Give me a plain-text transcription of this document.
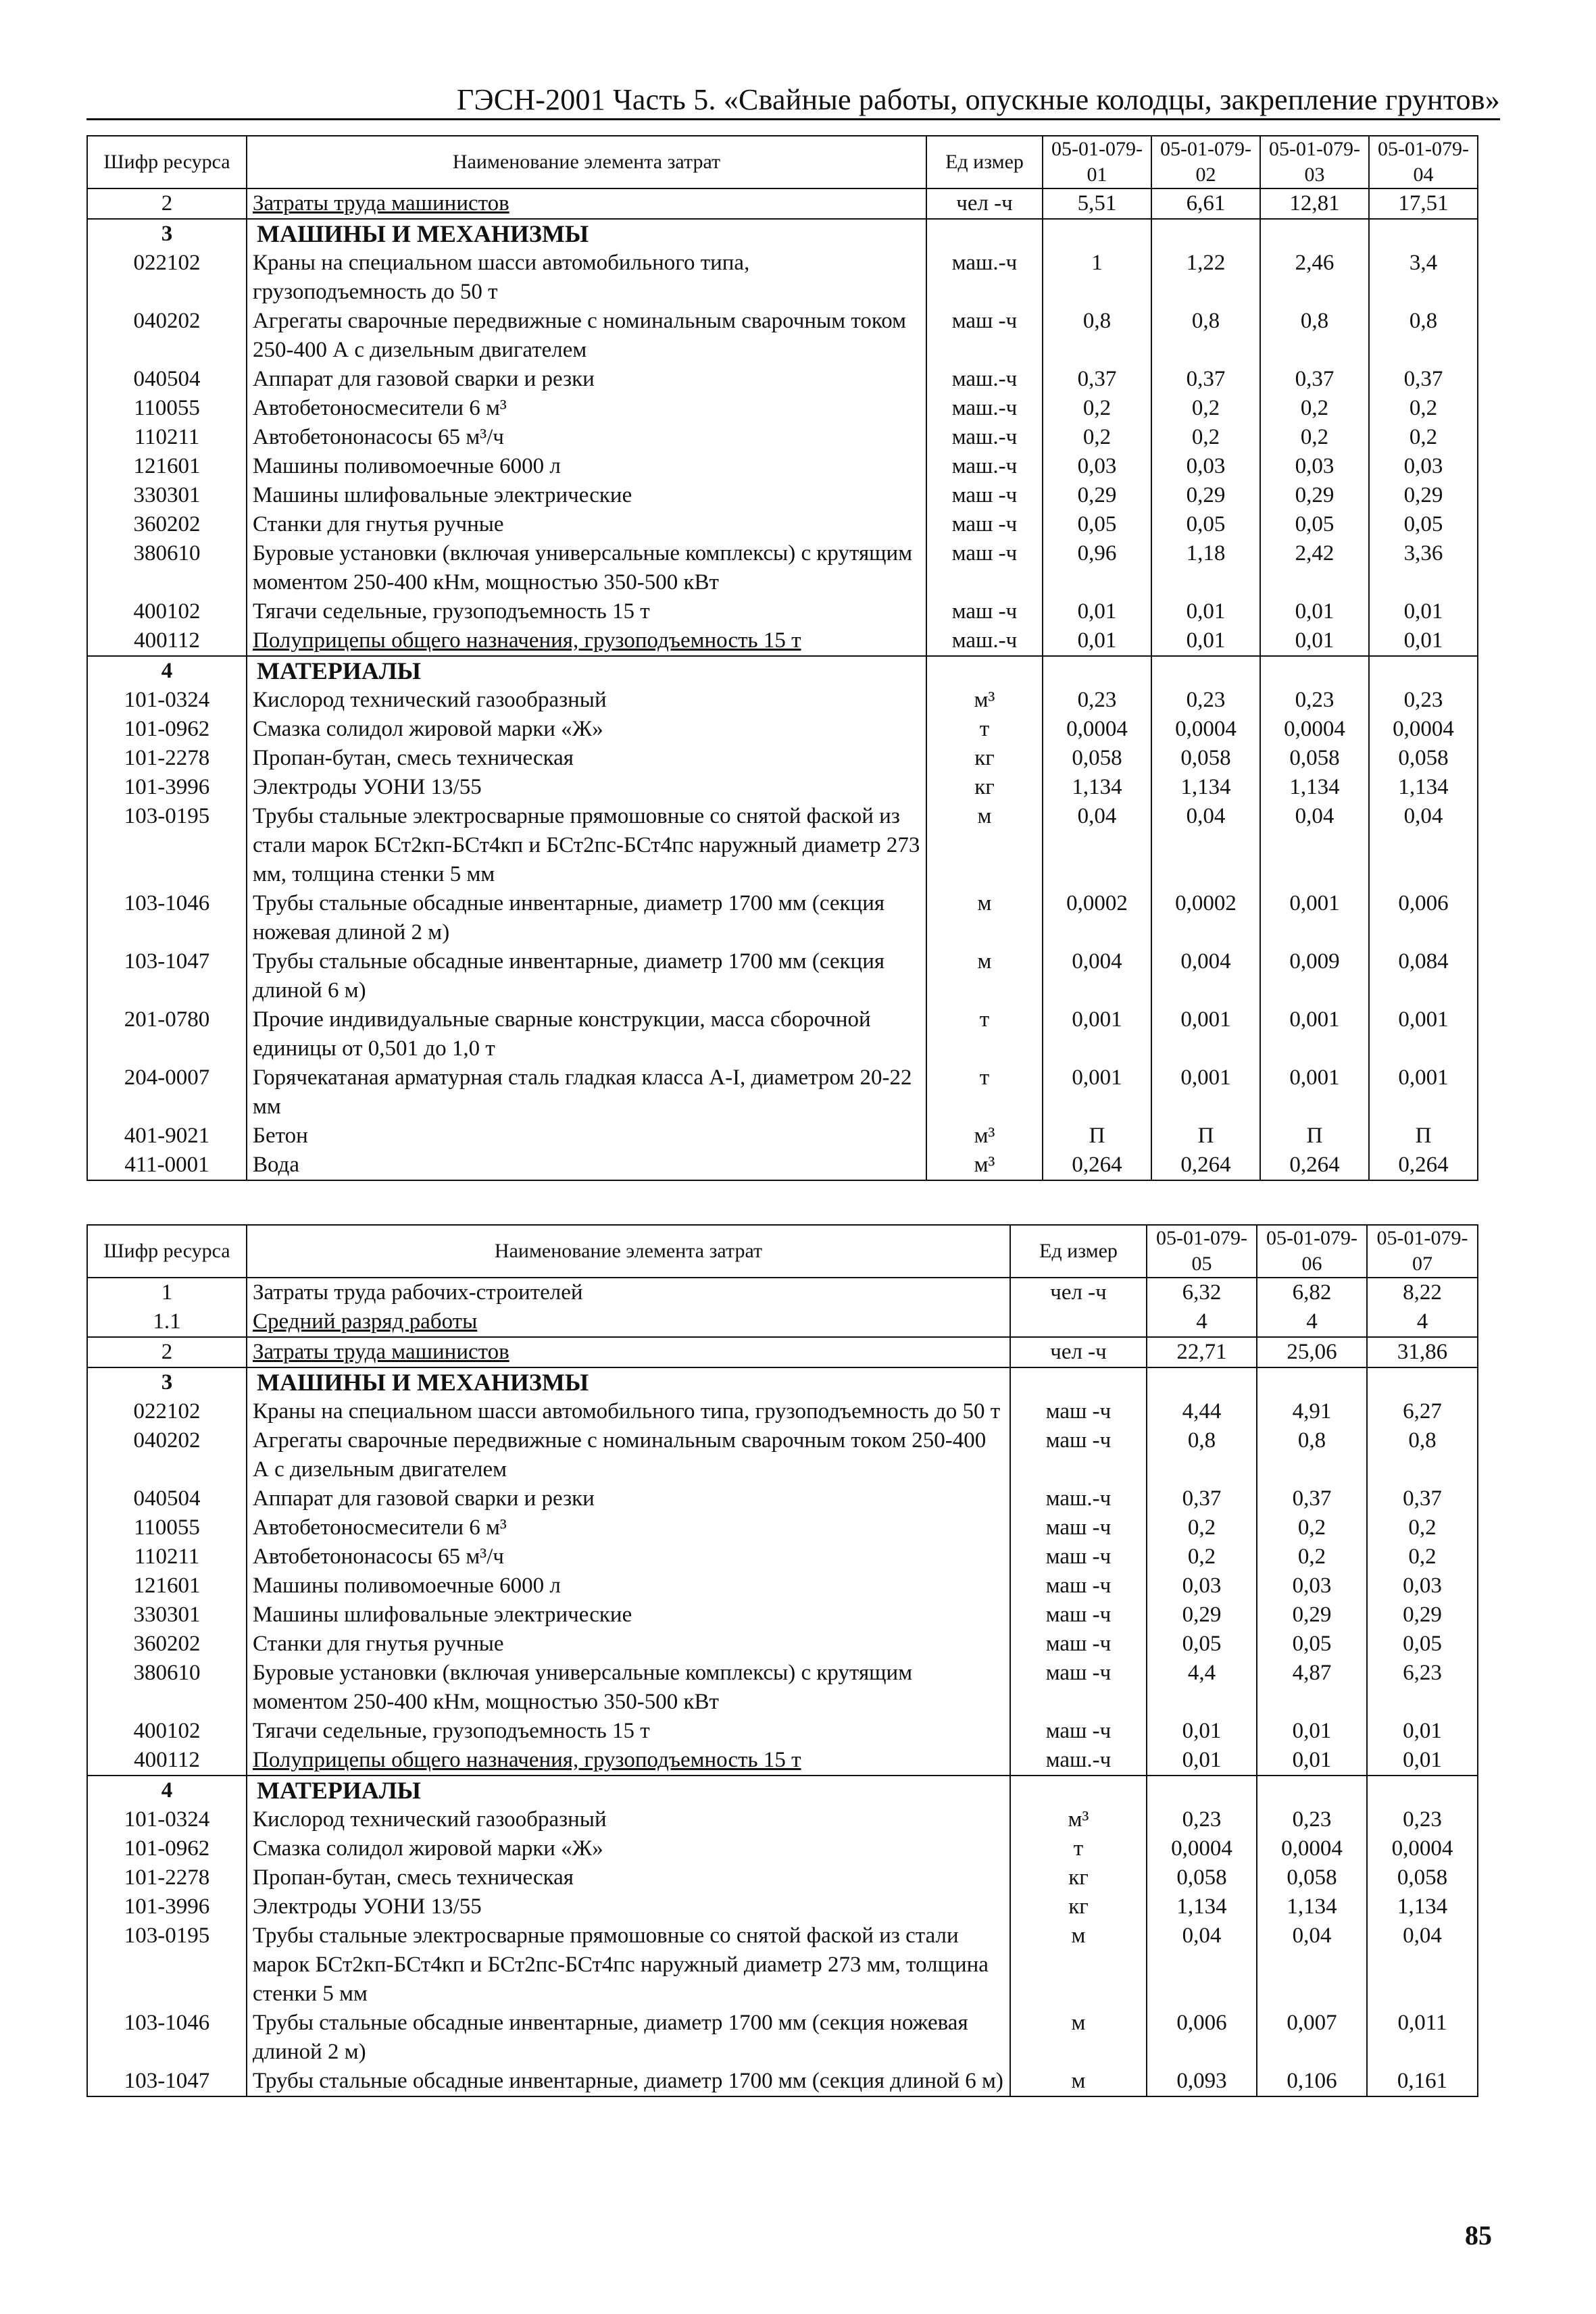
ГЭСН-2001 Часть 5. «Свайные работы, опускные колодцы, закрепление грунтов»
Шифр ресурса	Наименование элемента затрат	Ед измер	05-01-079-01	05-01-079-02	05-01-079-03	05-01-079-04
2	Затраты труда машинистов	чел -ч	5,51	6,61	12,81	17,51
3	МАШИНЫ И МЕХАНИЗМЫ					
022102	Краны на специальном шасси автомобильного типа, грузоподъемность до 50 т	маш.-ч	1	1,22	2,46	3,4
040202	Агрегаты сварочные передвижные с номинальным сварочным током 250-400 А с дизельным двигателем	маш -ч	0,8	0,8	0,8	0,8
040504	Аппарат для газовой сварки и резки	маш.-ч	0,37	0,37	0,37	0,37
110055	Автобетоносмесители 6 м³	маш.-ч	0,2	0,2	0,2	0,2
110211	Автобетононасосы 65 м³/ч	маш.-ч	0,2	0,2	0,2	0,2
121601	Машины поливомоечные 6000 л	маш.-ч	0,03	0,03	0,03	0,03
330301	Машины шлифовальные электрические	маш -ч	0,29	0,29	0,29	0,29
360202	Станки для гнутья ручные	маш -ч	0,05	0,05	0,05	0,05
380610	Буровые установки (включая универсальные комплексы) с крутящим моментом 250-400 кНм, мощностью 350-500 кВт	маш -ч	0,96	1,18	2,42	3,36
400102	Тягачи седельные, грузоподъемность 15 т	маш -ч	0,01	0,01	0,01	0,01
400112	Полуприцепы общего назначения, грузоподъемность 15 т	маш.-ч	0,01	0,01	0,01	0,01
4	МАТЕРИАЛЫ					
101-0324	Кислород технический газообразный	м³	0,23	0,23	0,23	0,23
101-0962	Смазка солидол жировой марки «Ж»	т	0,0004	0,0004	0,0004	0,0004
101-2278	Пропан-бутан, смесь техническая	кг	0,058	0,058	0,058	0,058
101-3996	Электроды УОНИ 13/55	кг	1,134	1,134	1,134	1,134
103-0195	Трубы стальные электросварные прямошовные со снятой фаской из стали марок БСт2кп-БСт4кп и БСт2пс-БСт4пс наружный диаметр 273 мм, толщина стенки 5 мм	м	0,04	0,04	0,04	0,04
103-1046	Трубы стальные обсадные инвентарные, диаметр 1700 мм (секция ножевая длиной 2 м)	м	0,0002	0,0002	0,001	0,006
103-1047	Трубы стальные обсадные инвентарные, диаметр 1700 мм (секция длиной 6 м)	м	0,004	0,004	0,009	0,084
201-0780	Прочие индивидуальные сварные конструкции, масса сборочной единицы от 0,501 до 1,0 т	т	0,001	0,001	0,001	0,001
204-0007	Горячекатаная арматурная сталь гладкая класса А-I, диаметром 20-22 мм	т	0,001	0,001	0,001	0,001
401-9021	Бетон	м³	П	П	П	П
411-0001	Вода	м³	0,264	0,264	0,264	0,264
Шифр ресурса	Наименование элемента затрат	Ед измер	05-01-079-05	05-01-079-06	05-01-079-07
1	Затраты труда рабочих-строителей	чел -ч	6,32	6,82	8,22
1.1	Средний разряд работы		4	4	4
2	Затраты труда машинистов	чел -ч	22,71	25,06	31,86
3	МАШИНЫ И МЕХАНИЗМЫ				
022102	Краны на специальном шасси автомобильного типа, грузоподъемность до 50 т	маш -ч	4,44	4,91	6,27
040202	Агрегаты сварочные передвижные с номинальным сварочным током 250-400 А с дизельным двигателем	маш -ч	0,8	0,8	0,8
040504	Аппарат для газовой сварки и резки	маш.-ч	0,37	0,37	0,37
110055	Автобетоносмесители 6 м³	маш -ч	0,2	0,2	0,2
110211	Автобетононасосы 65 м³/ч	маш -ч	0,2	0,2	0,2
121601	Машины поливомоечные 6000 л	маш -ч	0,03	0,03	0,03
330301	Машины шлифовальные электрические	маш -ч	0,29	0,29	0,29
360202	Станки для гнутья ручные	маш -ч	0,05	0,05	0,05
380610	Буровые установки (включая универсальные комплексы) с крутящим моментом 250-400 кНм, мощностью 350-500 кВт	маш -ч	4,4	4,87	6,23
400102	Тягачи седельные, грузоподъемность 15 т	маш -ч	0,01	0,01	0,01
400112	Полуприцепы общего назначения, грузоподъемность 15 т	маш.-ч	0,01	0,01	0,01
4	МАТЕРИАЛЫ				
101-0324	Кислород технический газообразный	м³	0,23	0,23	0,23
101-0962	Смазка солидол жировой марки «Ж»	т	0,0004	0,0004	0,0004
101-2278	Пропан-бутан, смесь техническая	кг	0,058	0,058	0,058
101-3996	Электроды УОНИ 13/55	кг	1,134	1,134	1,134
103-0195	Трубы стальные электросварные прямошовные со снятой фаской из стали марок БСт2кп-БСт4кп и БСт2пс-БСт4пс наружный диаметр 273 мм, толщина стенки 5 мм	м	0,04	0,04	0,04
103-1046	Трубы стальные обсадные инвентарные, диаметр 1700 мм (секция ножевая длиной 2 м)	м	0,006	0,007	0,011
103-1047	Трубы стальные обсадные инвентарные, диаметр 1700 мм (секция длиной 6 м)	м	0,093	0,106	0,161
85
